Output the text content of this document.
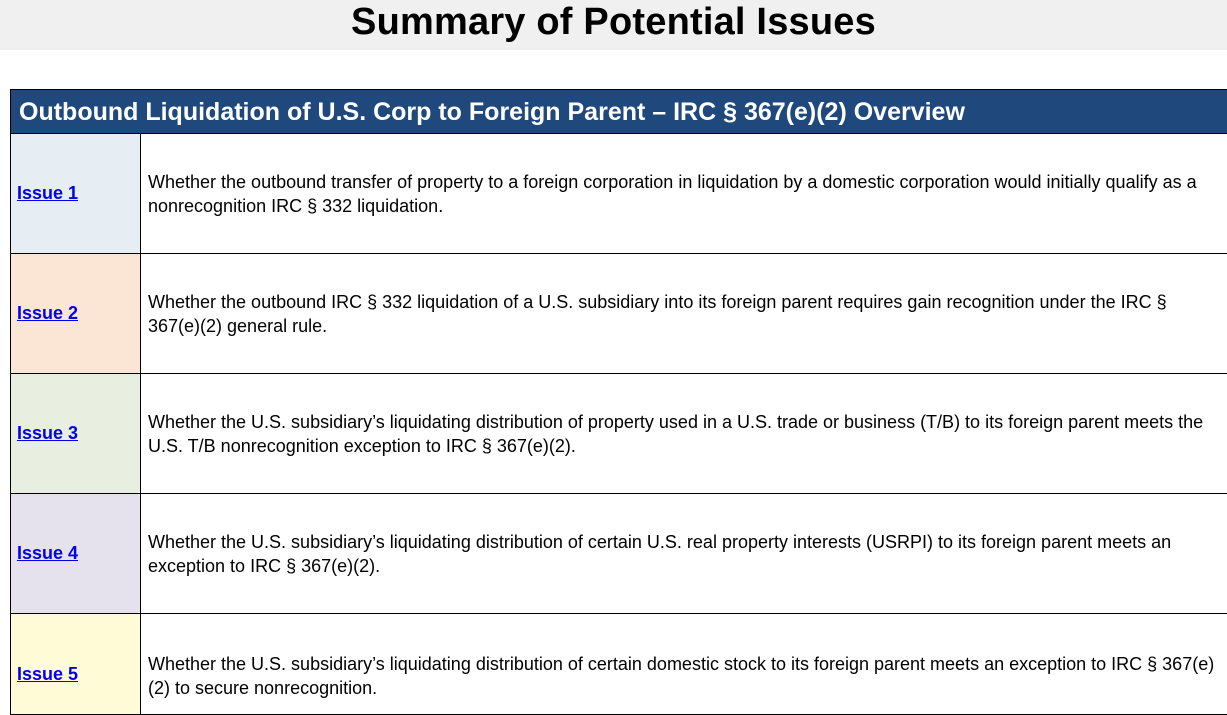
Summary of Potential Issues
Outbound Liquidation of U.S. Corp to Foreign Parent – IRC § 367(e)(2) Overview
Issue 1
Whether the outbound transfer of property to a foreign corporation in liquidation by a domestic corporation would initially qualify as a nonrecognition IRC § 332 liquidation.
Issue 2
Whether the outbound IRC § 332 liquidation of a U.S. subsidiary into its foreign parent requires gain recognition under the IRC § 367(e)(2) general rule.
Issue 3
Whether the U.S. subsidiary’s liquidating distribution of property used in a U.S. trade or business (T/B) to its foreign parent meets the U.S. T/B nonrecognition exception to IRC § 367(e)(2).
Issue 4
Whether the U.S. subsidiary’s liquidating distribution of certain U.S. real property interests (USRPI) to its foreign parent meets an exception to IRC § 367(e)(2).
Issue 5	Whether the U.S. subsidiary’s liquidating distribution of certain domestic stock to its foreign parent meets an exception to IRC § 367(e)(2) to secure nonrecognition.
